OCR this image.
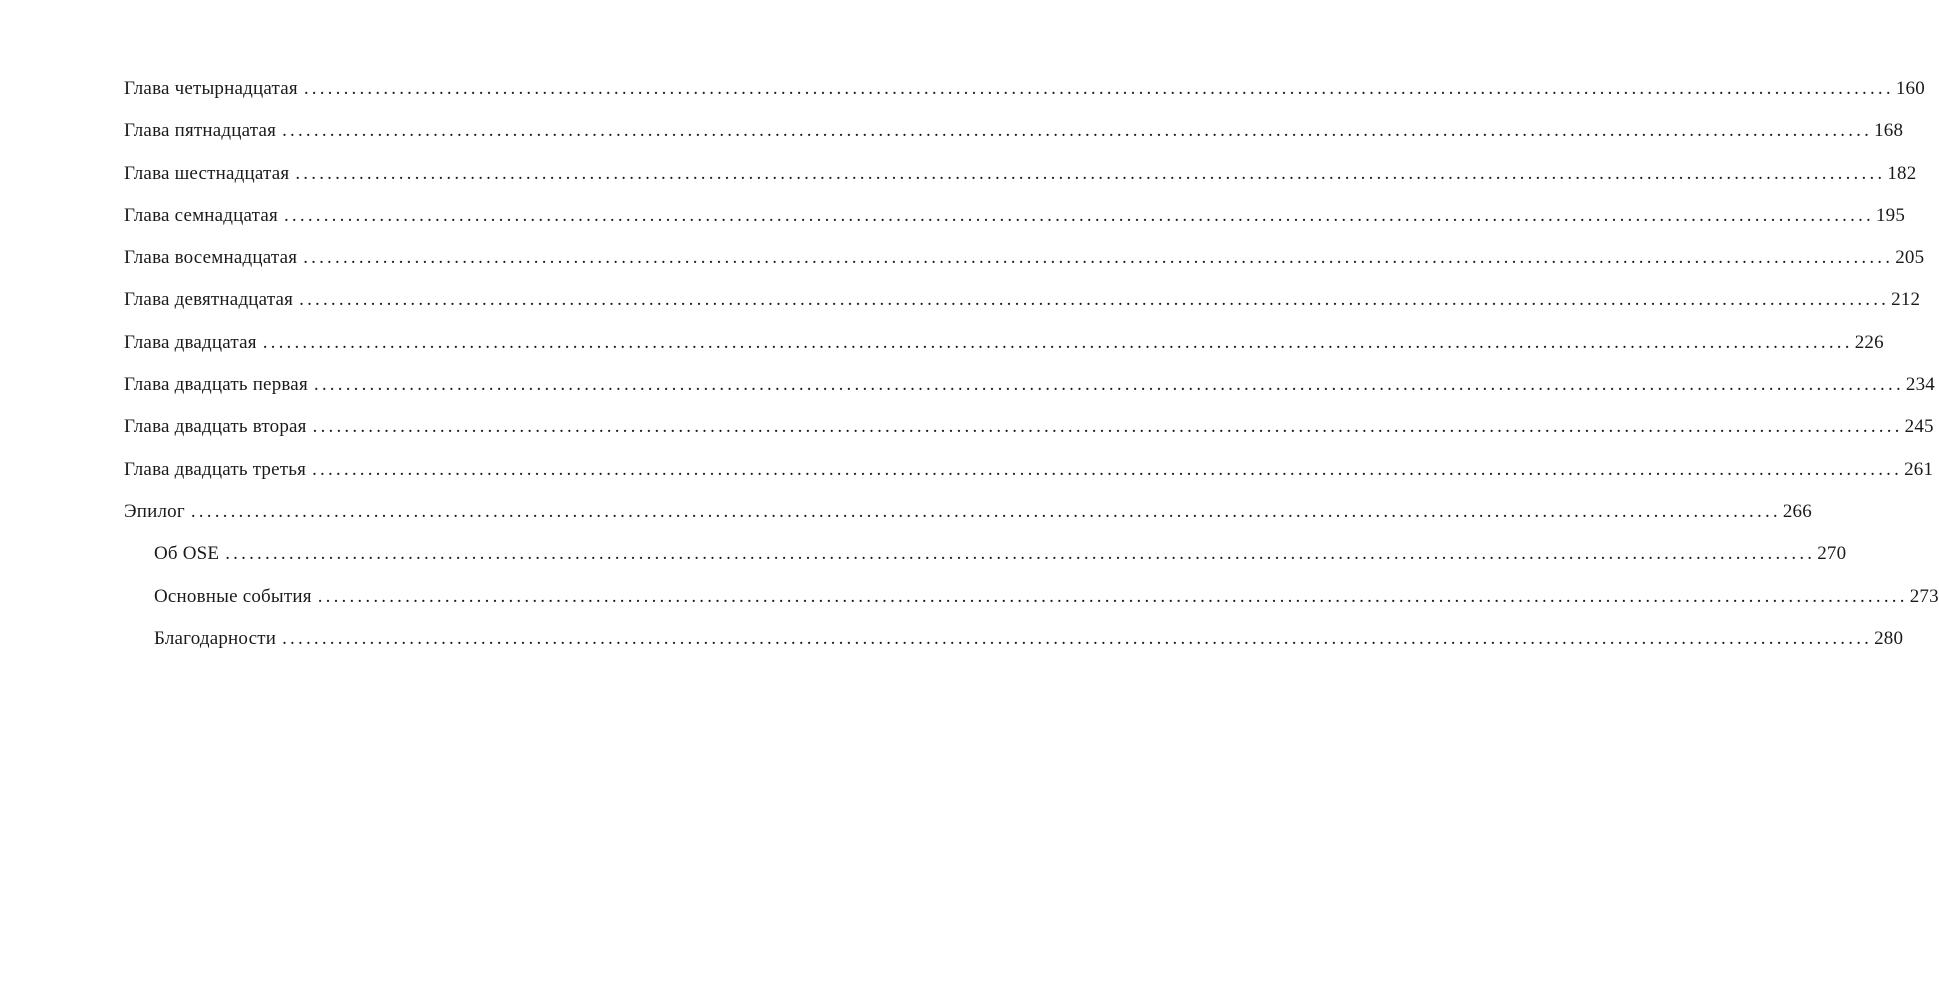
Глава четырнадцатая ........................................................................................................................................................................................................ 160
Глава пятнадцатая ........................................................................................................................................................................................................ 168
Глава шестнадцатая ........................................................................................................................................................................................................ 182
Глава семнадцатая ........................................................................................................................................................................................................ 195
Глава восемнадцатая ........................................................................................................................................................................................................ 205
Глава девятнадцатая ........................................................................................................................................................................................................ 212
Глава двадцатая ........................................................................................................................................................................................................ 226
Глава двадцать первая ........................................................................................................................................................................................................ 234
Глава двадцать вторая ........................................................................................................................................................................................................ 245
Глава двадцать третья ........................................................................................................................................................................................................ 261
Эпилог ........................................................................................................................................................................................................ 266
Об OSE ........................................................................................................................................................................................................ 270
Основные события ........................................................................................................................................................................................................ 273
Благодарности ........................................................................................................................................................................................................ 280
